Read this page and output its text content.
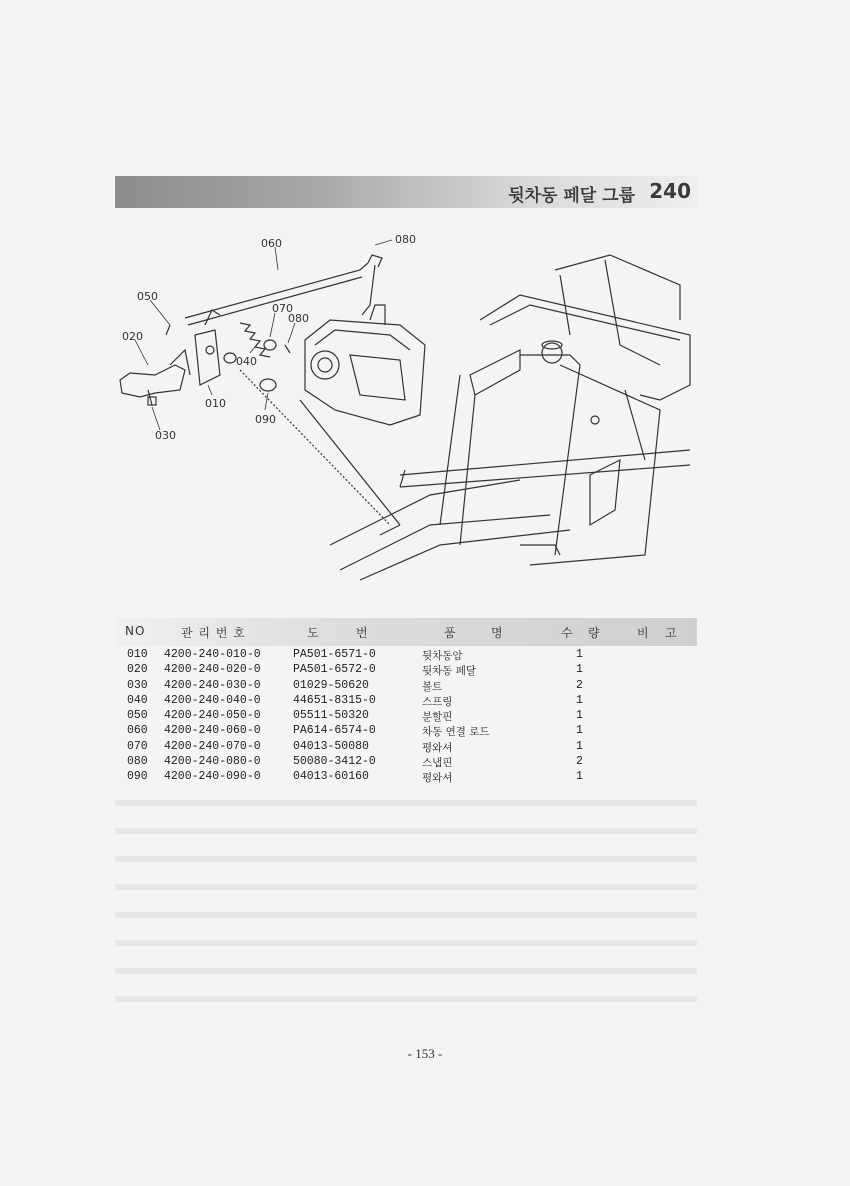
뒷차동 페달 그룹 240
060	080
050
020
070
080
040
010
090
030
NO	관 리 번 호	도	번	품	명	수 량	비 고
010 4200-240-010-0	PA501-6571-0	뒷차동암	1
020 4200-240-020-0	PA501-6572-0	뒷차동 페달	1
030 4200-240-030-0	01029-50620	볼트	2
040 4200-240-040-0	44651-8315-0	스프링	1
050 4200-240-050-0	05511-50320	분할핀	1
060 4200-240-060-0	PA614-6574-0	차동 연결 로드	1
070 4200-240-070-0	04013-50080	평와셔	1
080 4200-240-080-0	50080-3412-0	스냅핀	2
090 4200-240-090-0	04013-60160	평와셔	1
- 153 -
